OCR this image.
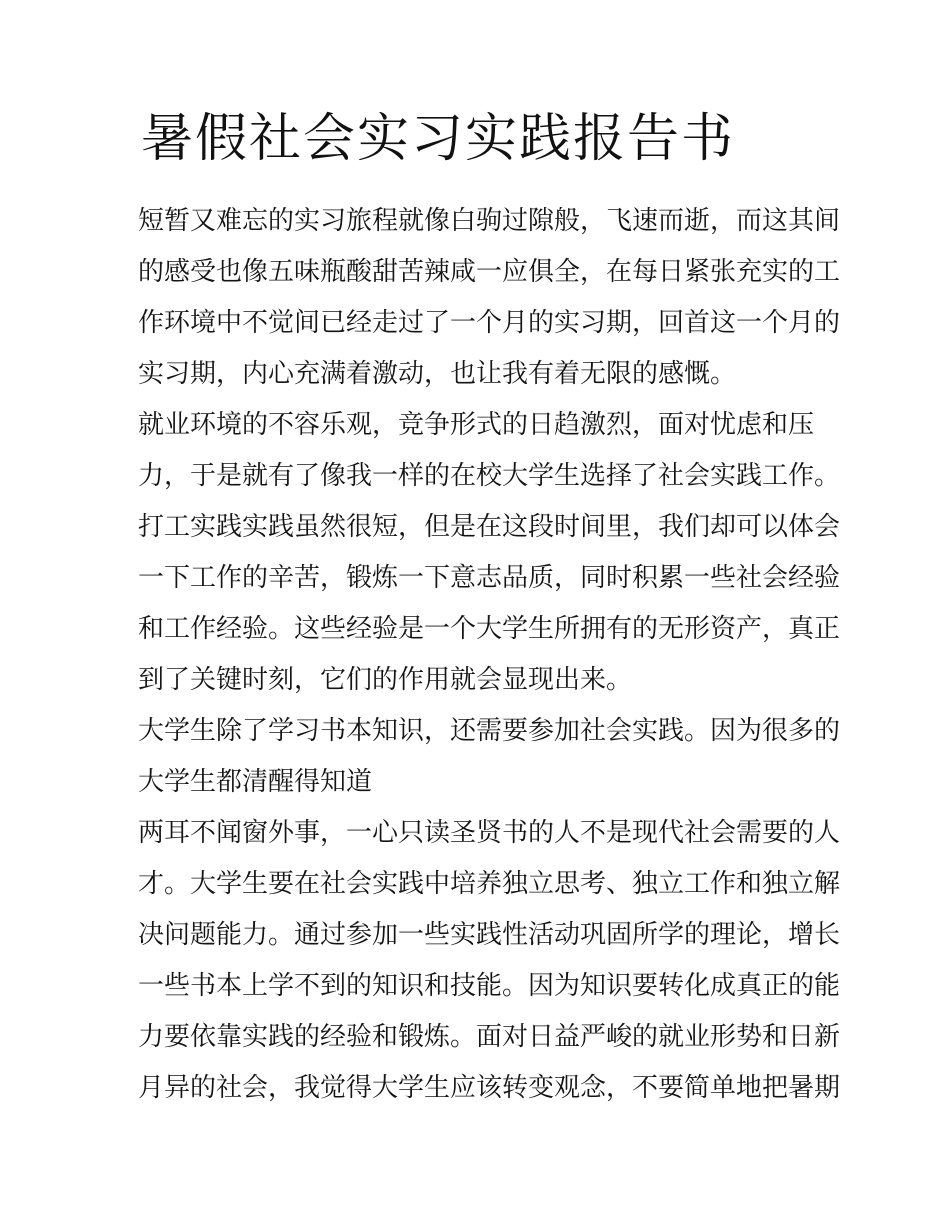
暑假社会实习实践报告书
短暂又难忘的实习旅程就像白驹过隙般，飞速而逝，而这其间
的感受也像五味瓶酸甜苦辣咸一应俱全，在每日紧张充实的工
作环境中不觉间已经走过了一个月的实习期，回首这一个月的
实习期，内心充满着激动，也让我有着无限的感慨。
就业环境的不容乐观，竞争形式的日趋激烈，面对忧虑和压
力，于是就有了像我一样的在校大学生选择了社会实践工作。
打工实践实践虽然很短，但是在这段时间里，我们却可以体会
一下工作的辛苦，锻炼一下意志品质，同时积累一些社会经验
和工作经验。这些经验是一个大学生所拥有的无形资产，真正
到了关键时刻，它们的作用就会显现出来。
大学生除了学习书本知识，还需要参加社会实践。因为很多的
大学生都清醒得知道
两耳不闻窗外事，一心只读圣贤书的人不是现代社会需要的人
才。大学生要在社会实践中培养独立思考、独立工作和独立解
决问题能力。通过参加一些实践性活动巩固所学的理论，增长
一些书本上学不到的知识和技能。因为知识要转化成真正的能
力要依靠实践的经验和锻炼。面对日益严峻的就业形势和日新
月异的社会，我觉得大学生应该转变观念，不要简单地把暑期
